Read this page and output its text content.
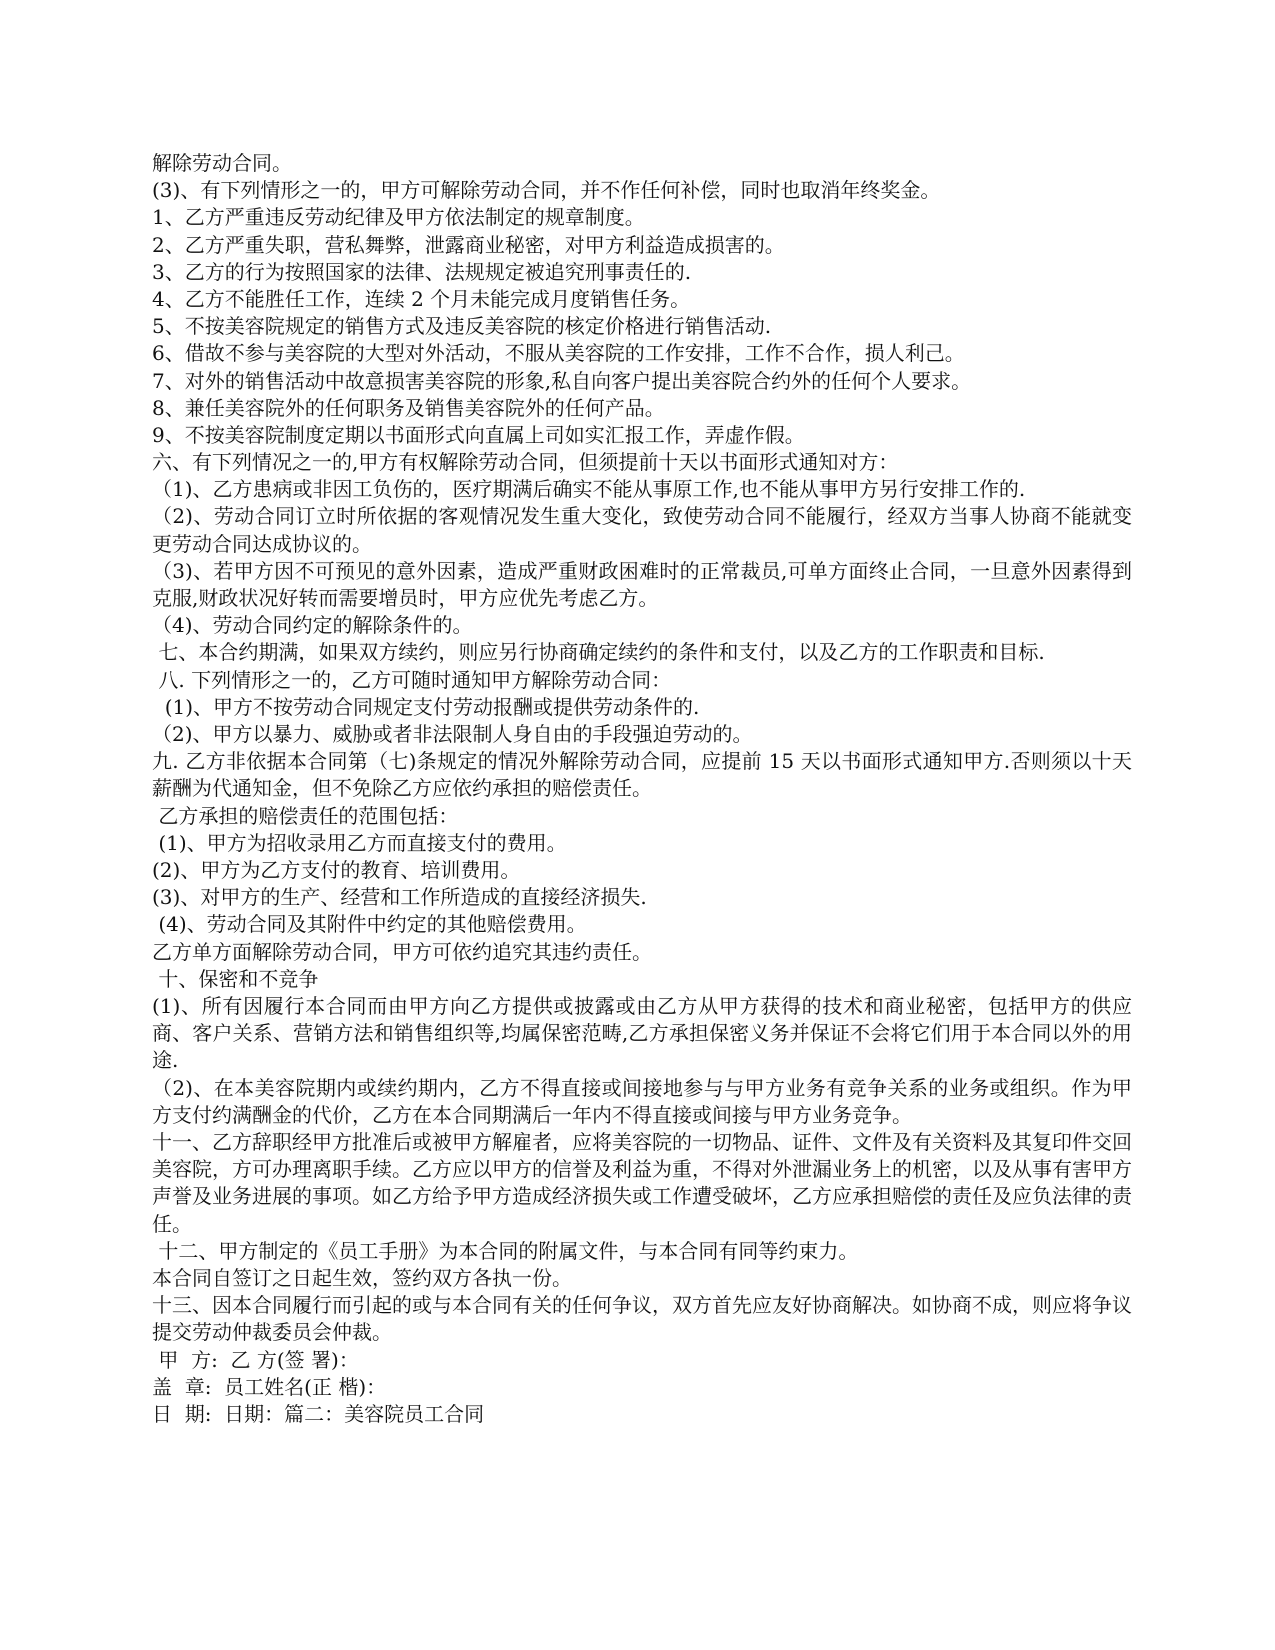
解除劳动合同。
(3)、有下列情形之一的，甲方可解除劳动合同，并不作任何补偿，同时也取消年终奖金。
1、乙方严重违反劳动纪律及甲方依法制定的规章制度。
2、乙方严重失职，营私舞弊，泄露商业秘密，对甲方利益造成损害的。
3、乙方的行为按照国家的法律、法规规定被追究刑事责任的.
4、乙方不能胜任工作，连续 2 个月未能完成月度销售任务。
5、不按美容院规定的销售方式及违反美容院的核定价格进行销售活动.
6、借故不参与美容院的大型对外活动，不服从美容院的工作安排，工作不合作，损人利己。
7、对外的销售活动中故意损害美容院的形象,私自向客户提出美容院合约外的任何个人要求。
8、兼任美容院外的任何职务及销售美容院外的任何产品。
9、不按美容院制度定期以书面形式向直属上司如实汇报工作，弄虚作假。
六、有下列情况之一的,甲方有权解除劳动合同，但须提前十天以书面形式通知对方：
（1)、乙方患病或非因工负伤的，医疗期满后确实不能从事原工作,也不能从事甲方另行安排工作的.
（2)、劳动合同订立时所依据的客观情况发生重大变化，致使劳动合同不能履行，经双方当事人协商不能就变更劳动合同达成协议的。
（3)、若甲方因不可预见的意外因素，造成严重财政困难时的正常裁员,可单方面终止合同，一旦意外因素得到克服,财政状况好转而需要增员时，甲方应优先考虑乙方。
（4)、劳动合同约定的解除条件的。
七、本合约期满，如果双方续约，则应另行协商确定续约的条件和支付，以及乙方的工作职责和目标.
八. 下列情形之一的，乙方可随时通知甲方解除劳动合同：
(1)、甲方不按劳动合同规定支付劳动报酬或提供劳动条件的.
（2)、甲方以暴力、威胁或者非法限制人身自由的手段强迫劳动的。
九. 乙方非依据本合同第（七)条规定的情况外解除劳动合同，应提前 15 天以书面形式通知甲方.否则须以十天薪酬为代通知金，但不免除乙方应依约承担的赔偿责任。
乙方承担的赔偿责任的范围包括：
(1)、甲方为招收录用乙方而直接支付的费用。
(2)、甲方为乙方支付的教育、培训费用。
(3)、对甲方的生产、经营和工作所造成的直接经济损失.
(4)、劳动合同及其附件中约定的其他赔偿费用。
乙方单方面解除劳动合同，甲方可依约追究其违约责任。
十、保密和不竞争
(1)、所有因履行本合同而由甲方向乙方提供或披露或由乙方从甲方获得的技术和商业秘密，包括甲方的供应商、客户关系、营销方法和销售组织等,均属保密范畴,乙方承担保密义务并保证不会将它们用于本合同以外的用途.
（2)、在本美容院期内或续约期内，乙方不得直接或间接地参与与甲方业务有竞争关系的业务或组织。作为甲方支付约满酬金的代价，乙方在本合同期满后一年内不得直接或间接与甲方业务竞争。
十一、乙方辞职经甲方批准后或被甲方解雇者，应将美容院的一切物品、证件、文件及有关资料及其复印件交回美容院，方可办理离职手续。乙方应以甲方的信誉及利益为重，不得对外泄漏业务上的机密，以及从事有害甲方声誉及业务进展的事项。如乙方给予甲方造成经济损失或工作遭受破坏，乙方应承担赔偿的责任及应负法律的责任。
十二、甲方制定的《员工手册》为本合同的附属文件，与本合同有同等约束力。
本合同自签订之日起生效，签约双方各执一份。
十三、因本合同履行而引起的或与本合同有关的任何争议，双方首先应友好协商解决。如协商不成，则应将争议提交劳动仲裁委员会仲裁。
甲  方:  乙 方(签 署)：
盖  章:  员工姓名(正 楷)：
日  期:  日期：篇二：美容院员工合同
